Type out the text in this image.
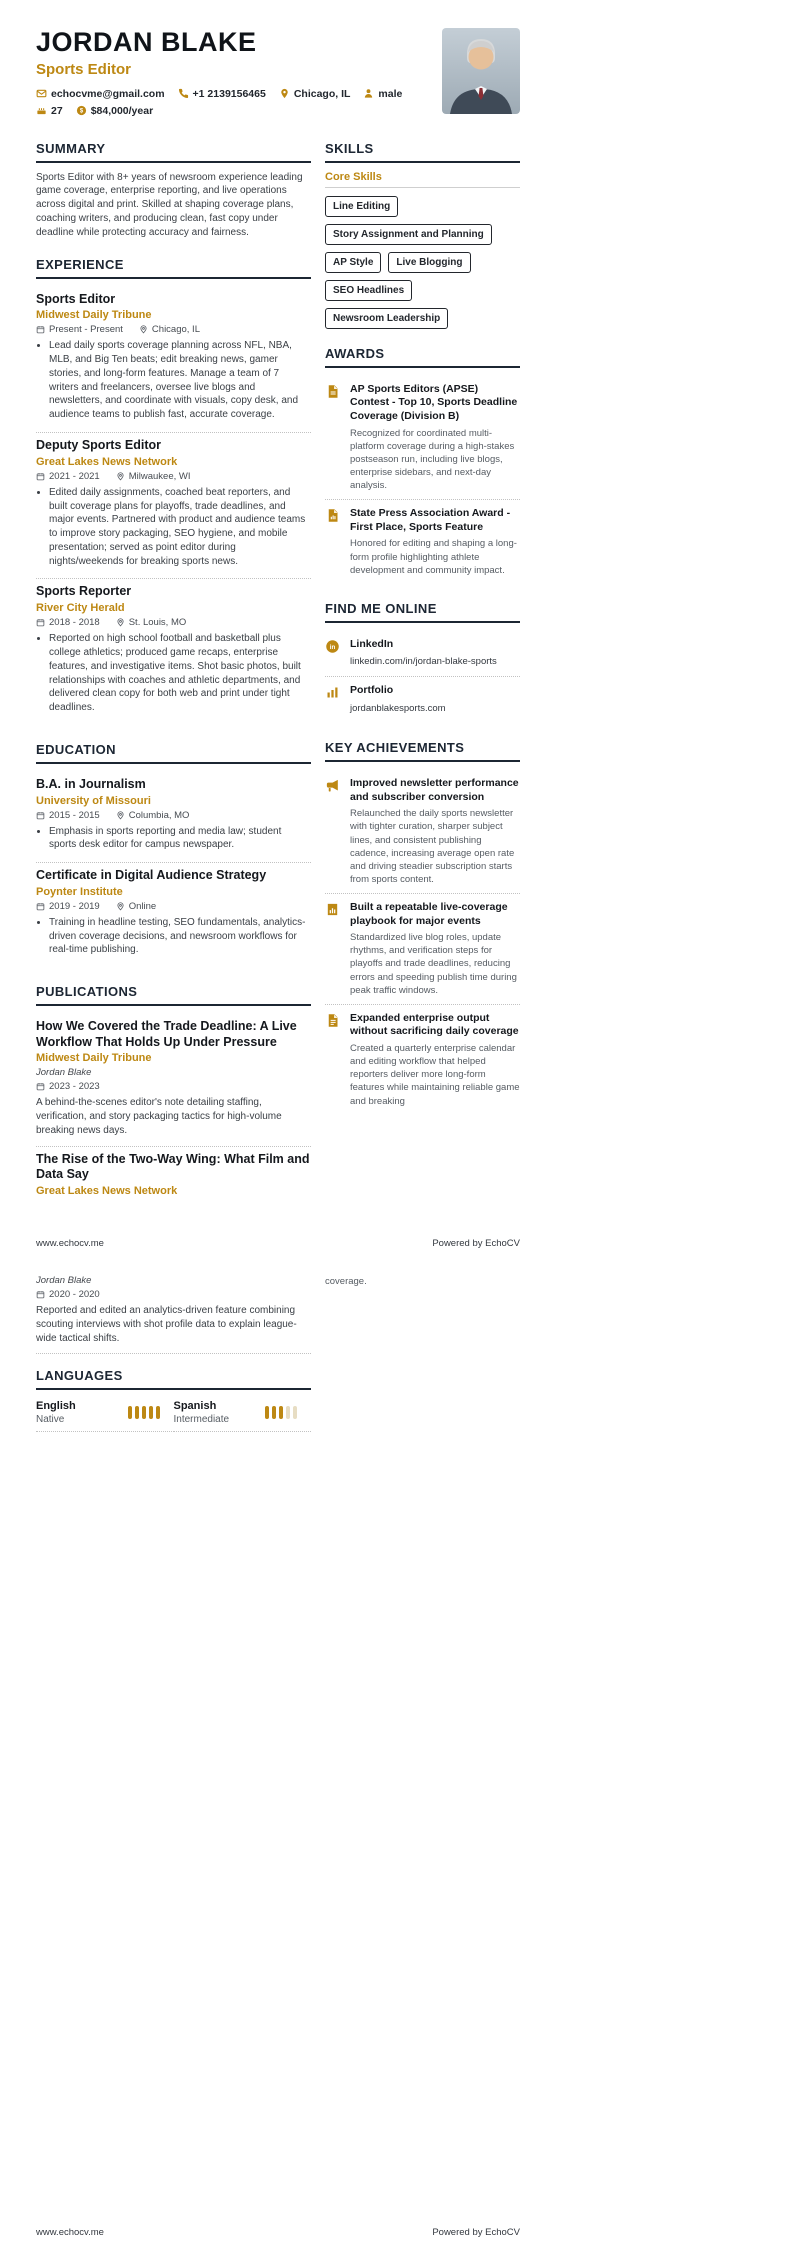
JORDAN BLAKE
Sports Editor
echocvme@gmail.com	+1 2139156465	Chicago, IL	male
27 $ $84,000/year
SUMMARY

Sports Editor with 8+ years of newsroom experience leading game coverage, enterprise reporting, and live operations across digital and print. Skilled at shaping coverage plans, coaching writers, and producing clean, fast copy under deadline while protecting accuracy and fairness.

EXPERIENCE
Sports Editor
Midwest Daily Tribune
Present - Present	Chicago, IL
• Lead daily sports coverage planning across NFL, NBA, MLB, and Big Ten beats; edit breaking news, gamer stories, and long-form features. Manage a team of 7 writers and freelancers, oversee live blogs and newsletters, and coordinate with visuals, copy desk, and audience teams to publish fast, accurate coverage.
Deputy Sports Editor
Great Lakes News Network
2021 - 2021	Milwaukee, WI
• Edited daily assignments, coached beat reporters, and built coverage plans for playoffs, trade deadlines, and major events. Partnered with product and audience teams to improve story packaging, SEO hygiene, and mobile presentation; served as point editor during nights/weekends for breaking sports news.
Sports Reporter
River City Herald
2018 - 2018	St. Louis, MO
• Reported on high school football and basketball plus college athletics; produced game recaps, enterprise features, and investigative items. Shot basic photos, built relationships with coaches and athletic departments, and delivered clean copy for both web and print under tight deadlines.
EDUCATION
B.A. in Journalism
University of Missouri
2015 - 2015	Columbia, MO
• Emphasis in sports reporting and media law; student sports desk editor for campus newspaper.
Certificate in Digital Audience Strategy
Poynter Institute
2019 - 2019	Online
• Training in headline testing, SEO fundamentals, analytics-driven coverage decisions, and newsroom workflows for real-time publishing.
PUBLICATIONS
How We Covered the Trade Deadline: A Live Workflow That Holds Up Under Pressure
Midwest Daily Tribune
Jordan Blake
2023 - 2023

A behind-the-scenes editor's note detailing staffing, verification, and story packaging tactics for high-volume breaking news days.

The Rise of the Two-Way Wing: What Film and Data Say
Great Lakes News Network
SKILLS
Core Skills
Line Editing
Story Assignment and Planning
AP Style	Live Blogging
SEO Headlines
Newsroom Leadership
AWARDS
AP Sports Editors (APSE) Contest - Top 10, Sports Deadline Coverage (Division B)
Recognized for coordinated multi-platform coverage during a high-stakes postseason run, including live blogs, enterprise sidebars, and next-day analysis.
State Press Association Award - First Place, Sports Feature
Honored for editing and shaping a long-form profile highlighting athlete development and community impact.
FIND ME ONLINE
in LinkedIn
linkedin.com/in/jordan-blake-sports
Portfolio
jordanblakesports.com
KEY ACHIEVEMENTS
Improved newsletter performance and subscriber conversion
Relaunched the daily sports newsletter with tighter curation, sharper subject lines, and consistent publishing cadence, increasing average open rate and driving steadier subscription starts from sports content.
Built a repeatable live-coverage playbook for major events
Standardized live blog roles, update rhythms, and verification steps for playoffs and trade deadlines, reducing errors and speeding publish time during peak traffic windows.
Expanded enterprise output without sacrificing daily coverage
Created a quarterly enterprise calendar and editing workflow that helped reporters deliver more long-form features while maintaining reliable game and breaking
www.echocv.me	Powered by EchoCV
Jordan Blake
2020 - 2020

Reported and edited an analytics-driven feature combining scouting interviews with shot profile data to explain league-wide tactical shifts.

coverage.
LANGUAGES
English
Native
Spanish
Intermediate
www.echocv.me	Powered by EchoCV
